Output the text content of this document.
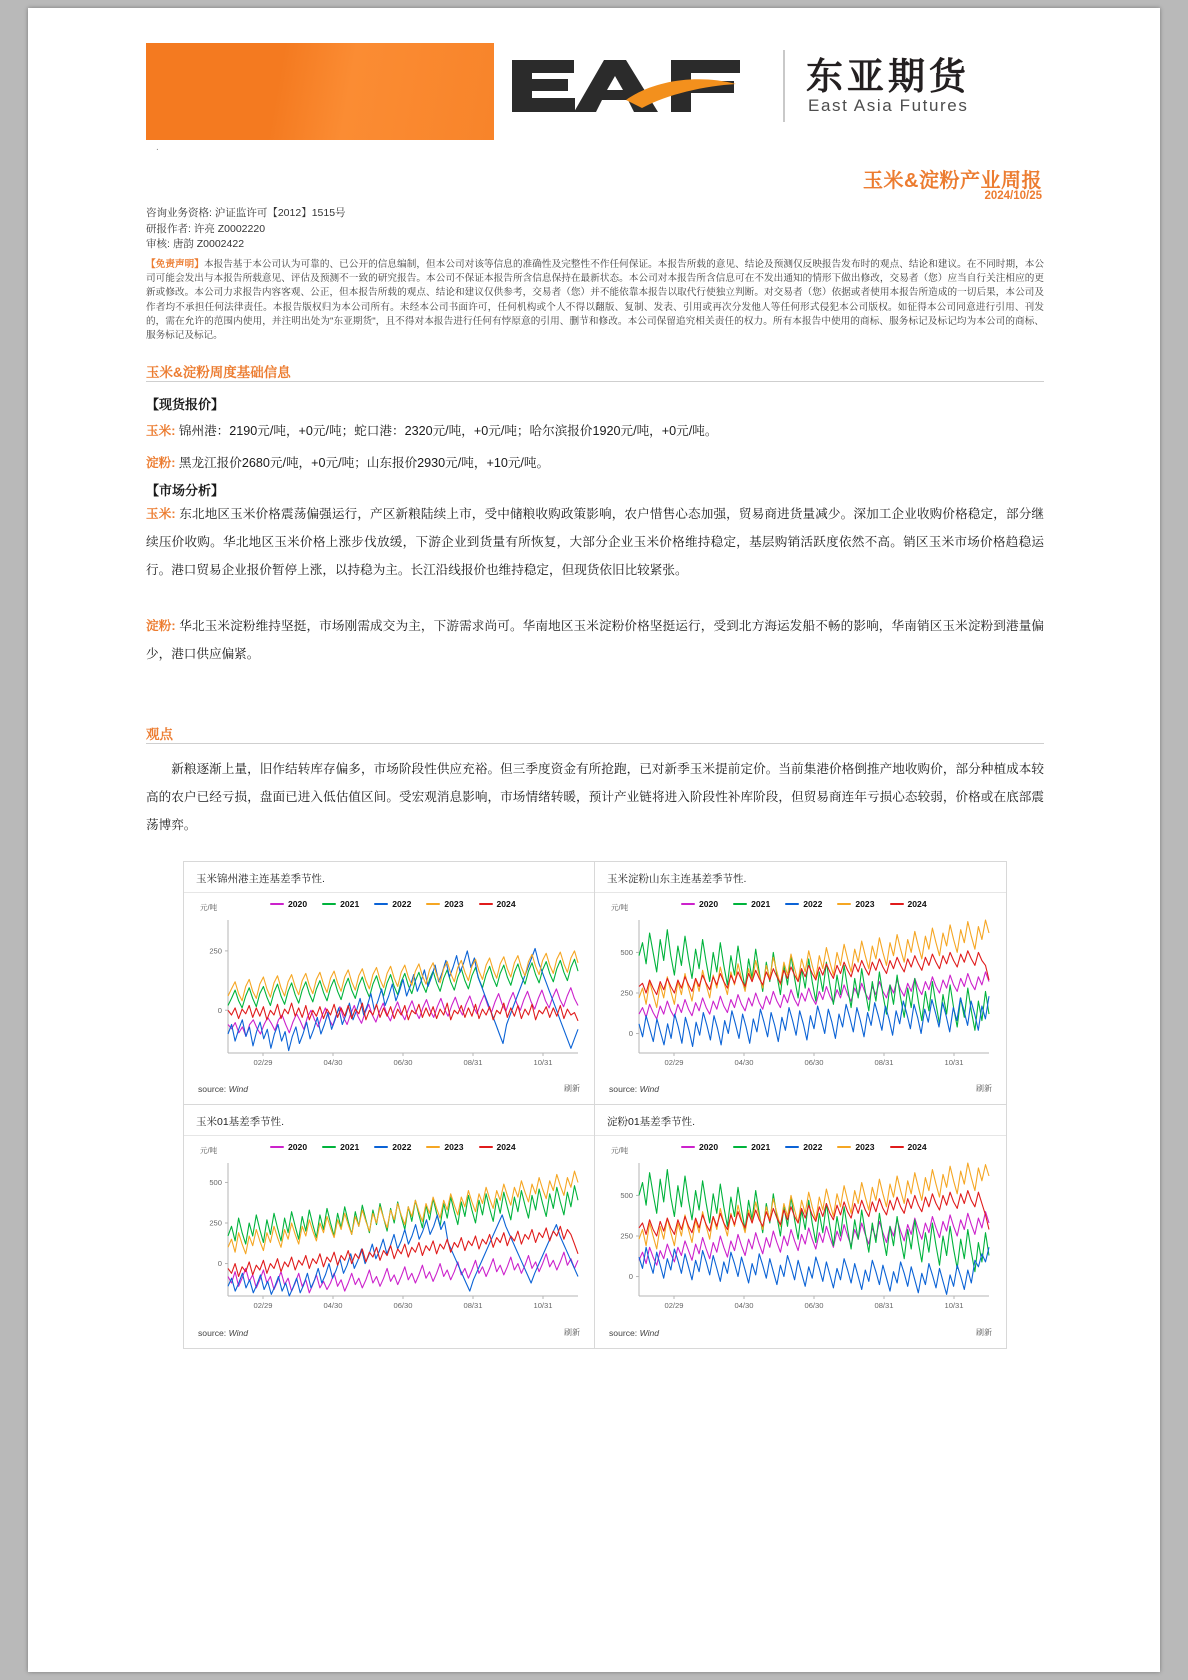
东亚期货
East Asia Futures
.
玉米&淀粉产业周报
2024/10/25
咨询业务资格: 沪证监许可【2012】1515号
研报作者: 许亮 Z0002220
审核: 唐韵 Z0002422
【免责声明】本报告基于本公司认为可靠的、已公开的信息编制，但本公司对该等信息的准确性及完整性不作任何保证。本报告所载的意见、结论及预测仅反映报告发布时的观点、结论和建议。在不同时期，本公司可能会发出与本报告所载意见、评估及预测不一致的研究报告。本公司不保证本报告所含信息保持在最新状态。本公司对本报告所含信息可在不发出通知的情形下做出修改，交易者（您）应当自行关注相应的更新或修改。本公司力求报告内容客观、公正，但本报告所载的观点、结论和建议仅供参考，交易者（您）并不能依靠本报告以取代行使独立判断。对交易者（您）依据或者使用本报告所造成的一切后果，本公司及作者均不承担任何法律责任。本报告版权归为本公司所有。未经本公司书面许可，任何机构或个人不得以翻版、复制、发表、引用或再次分发他人等任何形式侵犯本公司版权。如征得本公司同意进行引用、刊发的，需在允许的范围内使用，并注明出处为"东亚期货"，且不得对本报告进行任何有悖原意的引用、删节和修改。本公司保留追究相关责任的权力。所有本报告中使用的商标、服务标记及标记均为本公司的商标、服务标记及标记。
玉米&淀粉周度基础信息
【现货报价】
玉米: 锦州港：2190元/吨，+0元/吨；蛇口港：2320元/吨，+0元/吨；哈尔滨报价1920元/吨，+0元/吨。
淀粉: 黑龙江报价2680元/吨，+0元/吨；山东报价2930元/吨，+10元/吨。
【市场分析】
玉米: 东北地区玉米价格震荡偏强运行，产区新粮陆续上市，受中储粮收购政策影响，农户惜售心态加强，贸易商进货量减少。深加工企业收购价格稳定，部分继续压价收购。华北地区玉米价格上涨步伐放缓，下游企业到货量有所恢复，大部分企业玉米价格维持稳定，基层购销活跃度依然不高。销区玉米市场价格趋稳运行。港口贸易企业报价暂停上涨，以持稳为主。长江沿线报价也维持稳定，但现货依旧比较紧张。
淀粉: 华北玉米淀粉维持坚挺，市场刚需成交为主，下游需求尚可。华南地区玉米淀粉价格坚挺运行，受到北方海运发船不畅的影响，华南销区玉米淀粉到港量偏少，港口供应偏紧。
观点
新粮逐渐上量，旧作结转库存偏多，市场阶段性供应充裕。但三季度资金有所抢跑，已对新季玉米提前定价。当前集港价格倒推产地收购价，部分种植成本较高的农户已经亏损，盘面已进入低估值区间。受宏观消息影响，市场情绪转暖，预计产业链将进入阶段性补库阶段，但贸易商连年亏损心态较弱，价格或在底部震荡博弈。
玉米锦州港主连基差季节性.
元/吨	2020	2021	2022	2023	2024
0
250
02/29	04/30	06/30	08/31	10/31
source: Wind	刷新
玉米淀粉山东主连基差季节性.
元/吨	2020	2021	2022	2023	2024
0
250
500
02/29	04/30	06/30	08/31	10/31
source: Wind	刷新
玉米01基差季节性.
元/吨	2020	2021	2022	2023	2024
0
250
500
02/29	04/30	06/30	08/31	10/31
source: Wind	刷新
淀粉01基差季节性.
元/吨	2020	2021	2022	2023	2024
0
250
500
02/29	04/30	06/30	08/31	10/31
source: Wind	刷新
